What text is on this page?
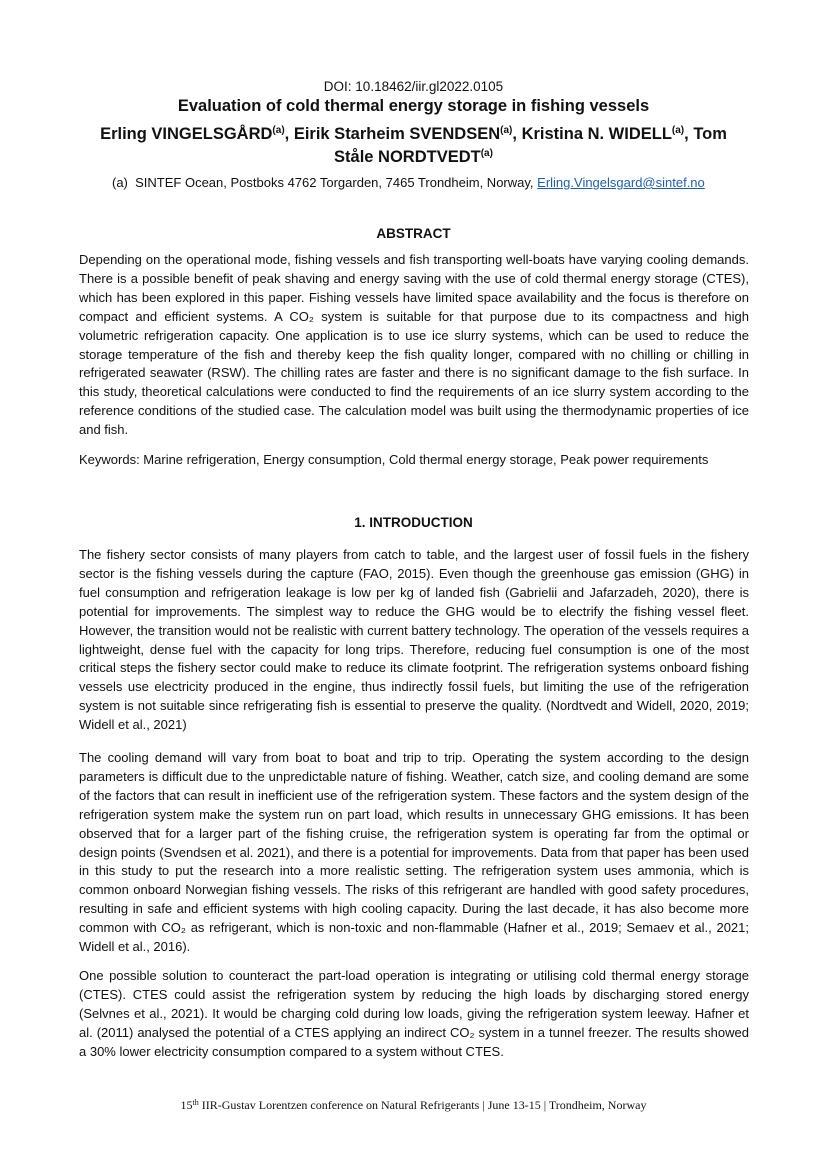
DOI: 10.18462/iir.gl2022.0105
Evaluation of cold thermal energy storage in fishing vessels
Erling VINGELSGÅRD$^{(a)}$, Eirik Starheim SVENDSEN$^{(a)}$, Kristina N. WIDELL$^{(a)}$, Tom Ståle NORDTVEDT$^{(a)}$
(a) SINTEF Ocean, Postboks 4762 Torgarden, 7465 Trondheim, Norway, Erling.Vingelsgard@sintef.no
ABSTRACT

Depending on the operational mode, fishing vessels and fish transporting well-boats have varying cooling demands. There is a possible benefit of peak shaving and energy saving with the use of cold thermal energy storage (CTES), which has been explored in this paper. Fishing vessels have limited space availability and the focus is therefore on compact and efficient systems. A CO₂ system is suitable for that purpose due to its compactness and high volumetric refrigeration capacity. One application is to use ice slurry systems, which can be used to reduce the storage temperature of the fish and thereby keep the fish quality longer, compared with no chilling or chilling in refrigerated seawater (RSW). The chilling rates are faster and there is no significant damage to the fish surface. In this study, theoretical calculations were conducted to find the requirements of an ice slurry system according to the reference conditions of the studied case. The calculation model was built using the thermodynamic properties of ice and fish.

Keywords: Marine refrigeration, Energy consumption, Cold thermal energy storage, Peak power requirements

1. INTRODUCTION

The fishery sector consists of many players from catch to table, and the largest user of fossil fuels in the fishery sector is the fishing vessels during the capture (FAO, 2015). Even though the greenhouse gas emission (GHG) in fuel consumption and refrigeration leakage is low per kg of landed fish (Gabrielii and Jafarzadeh, 2020), there is potential for improvements. The simplest way to reduce the GHG would be to electrify the fishing vessel fleet. However, the transition would not be realistic with current battery technology. The operation of the vessels requires a lightweight, dense fuel with the capacity for long trips. Therefore, reducing fuel consumption is one of the most critical steps the fishery sector could make to reduce its climate footprint. The refrigeration systems onboard fishing vessels use electricity produced in the engine, thus indirectly fossil fuels, but limiting the use of the refrigeration system is not suitable since refrigerating fish is essential to preserve the quality. (Nordtvedt and Widell, 2020, 2019; Widell et al., 2021)

The cooling demand will vary from boat to boat and trip to trip. Operating the system according to the design parameters is difficult due to the unpredictable nature of fishing. Weather, catch size, and cooling demand are some of the factors that can result in inefficient use of the refrigeration system. These factors and the system design of the refrigeration system make the system run on part load, which results in unnecessary GHG emissions. It has been observed that for a larger part of the fishing cruise, the refrigeration system is operating far from the optimal or design points (Svendsen et al. 2021), and there is a potential for improvements. Data from that paper has been used in this study to put the research into a more realistic setting. The refrigeration system uses ammonia, which is common onboard Norwegian fishing vessels. The risks of this refrigerant are handled with good safety procedures, resulting in safe and efficient systems with high cooling capacity. During the last decade, it has also become more common with CO₂ as refrigerant, which is non-toxic and non-flammable (Hafner et al., 2019; Semaev et al., 2021; Widell et al., 2016).

One possible solution to counteract the part-load operation is integrating or utilising cold thermal energy storage (CTES). CTES could assist the refrigeration system by reducing the high loads by discharging stored energy (Selvnes et al., 2021). It would be charging cold during low loads, giving the refrigeration system leeway. Hafner et al. (2011) analysed the potential of a CTES applying an indirect CO₂ system in a tunnel freezer. The results showed a 30% lower electricity consumption compared to a system without CTES.

15th IIR-Gustav Lorentzen conference on Natural Refrigerants | June 13-15 | Trondheim, Norway
